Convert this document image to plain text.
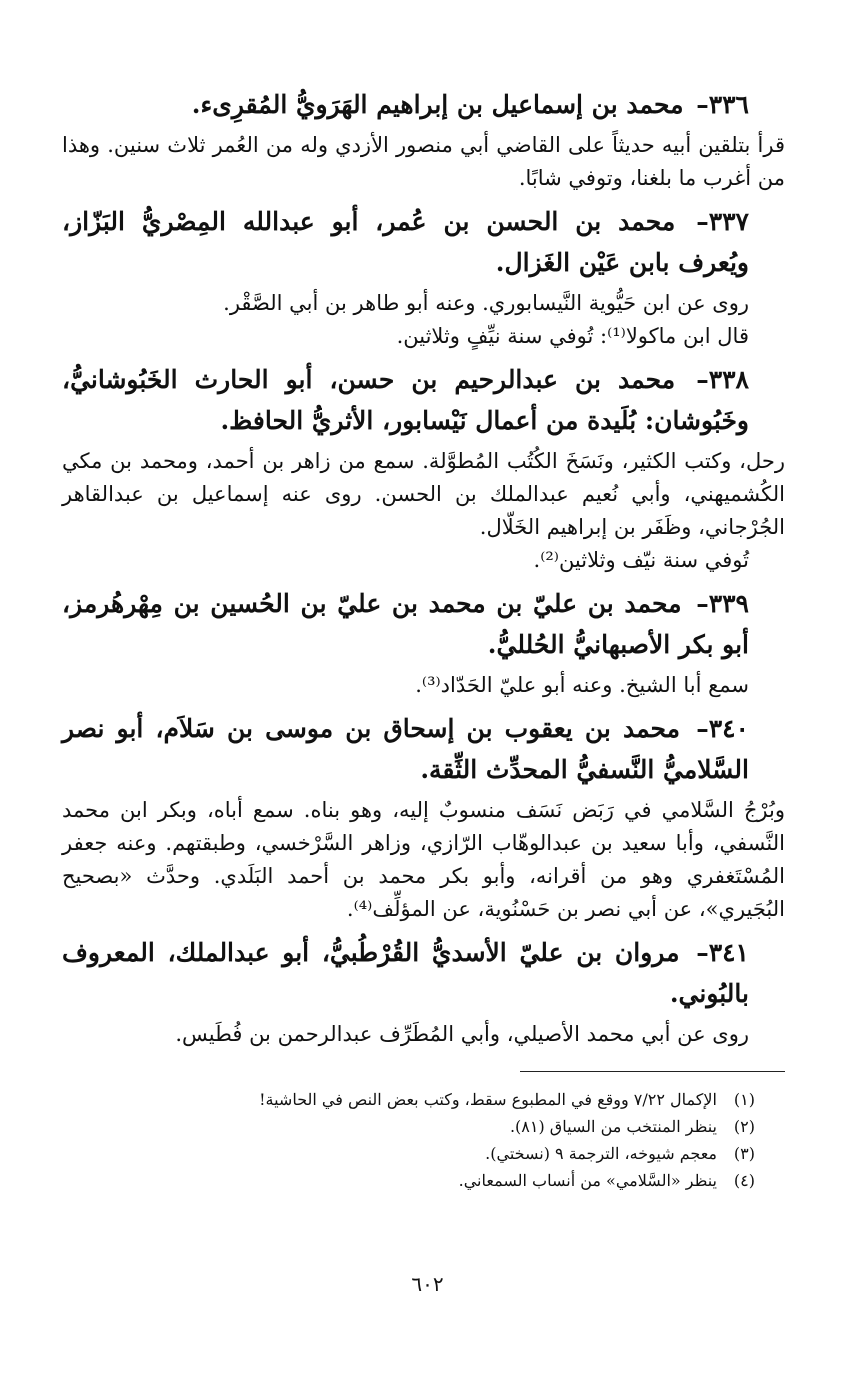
٣٣٦– محمد بن إسماعيل بن إبراهيم الهَرَويُّ المُقرِىء.

قرأ بتلقين أبيه حديثاً على القاضي أبي منصور الأزدي وله من العُمر ثلاث سنين. وهذا من أغرب ما بلغنا، وتوفي شابًا.

٣٣٧– محمد بن الحسن بن عُمر، أبو عبدالله المِصْريُّ البَزّاز، ويُعرف بابن عَيْن الغَزال.

روى عن ابن حَيُّوية النَّيسابوري. وعنه أبو طاهر بن أبي الصَّقْر.

قال ابن ماكولا⁽¹⁾: تُوفي سنة نيِّفٍ وثلاثين.

٣٣٨– محمد بن عبدالرحيم بن حسن، أبو الحارث الخَبُوشانيُّ، وخَبُوشان: بُلَيدة من أعمال نَيْسابور، الأثريُّ الحافظ.

رحل، وكتب الكثير، ونَسَخَ الكُتُب المُطوَّلة. سمع من زاهر بن أحمد، ومحمد بن مكي الكُشميهني، وأبي نُعيم عبدالملك بن الحسن. روى عنه إسماعيل بن عبدالقاهر الجُرْجاني، وظَفَر بن إبراهيم الخَلّال.

تُوفي سنة نيّف وثلاثين⁽²⁾.

٣٣٩– محمد بن عليّ بن محمد بن عليّ بن الحُسين بن مِهْرهُرمز، أبو بكر الأصبهانيُّ الحُلليُّ.

سمع أبا الشيخ. وعنه أبو عليّ الحَدّاد⁽³⁾.

٣٤٠– محمد بن يعقوب بن إسحاق بن موسى بن سَلاَم، أبو نصر السَّلاميُّ النَّسفيُّ المحدِّث الثِّقة.

وبُرْجُ السَّلامي في رَبَض نَسَف منسوبٌ إليه، وهو بناه. سمع أباه، وبكر ابن محمد النَّسفي، وأبا سعيد بن عبدالوهّاب الرّازي، وزاهر السَّرْخسي، وطبقتهم. وعنه جعفر المُسْتَغفري وهو من أقرانه، وأبو بكر محمد بن أحمد البَلَدي. وحدَّث «بصحيح البُجَيري»، عن أبي نصر بن حَسْنُوية، عن المؤلِّف⁽⁴⁾.

٣٤١– مروان بن عليّ الأسديُّ القُرْطُبيُّ، أبو عبدالملك، المعروف بالبُوني.

روى عن أبي محمد الأصيلي، وأبي المُطَرِّف عبدالرحمن بن فُطَيس.

(١)الإكمال ٧/٢٢ ووقع في المطبوع سقط، وكتب بعض النص في الحاشية!

(٢)ينظر المنتخب من السياق (٨١).

(٣)معجم شيوخه، الترجمة ٩ (نسختي).

(٤)ينظر «السَّلامي» من أنساب السمعاني.

٦٠٢
